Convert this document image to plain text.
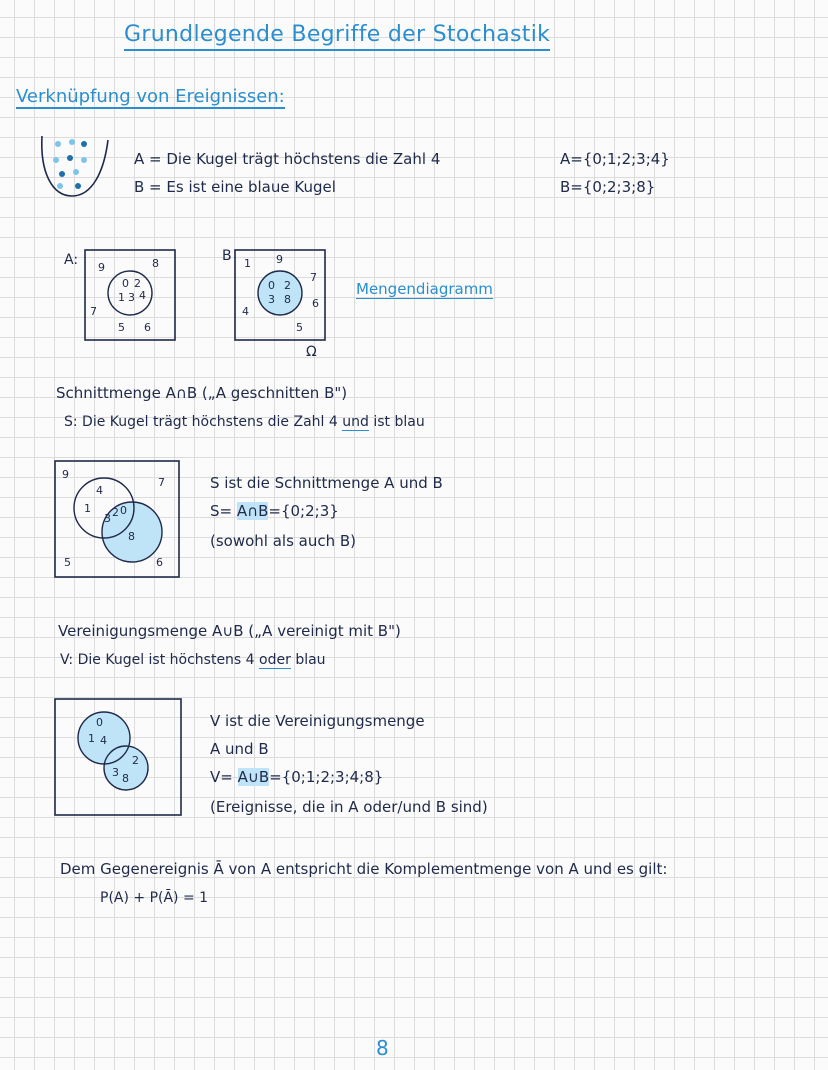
Grundlegende Begriffe der Stochastik
Verknüpfung von Ereignissen:
A = Die Kugel trägt höchstens die Zahl 4
B = Es ist eine blaue Kugel
A={0;1;2;3;4}
B={0;2;3;8}
A: 9	8
7
5 6
0 2
1 3 4
B 1 9
7
4
6
5
0 2
3 8
Ω
Mengendiagramm
Schnittmenge A∩B („A geschnitten B")
S: Die Kugel trägt höchstens die Zahl 4 und ist blau
9
7
4
1
3 2 0
8
5	6
S ist die Schnittmenge A und B
S= A∩B={0;2;3}
(sowohl als auch B)
Vereinigungsmenge A∪B („A vereinigt mit B")
V: Die Kugel ist höchstens 4 oder blau
0
1 4
2
3 8
V ist die Vereinigungsmenge
A und B
V= A∪B={0;1;2;3;4;8}
(Ereignisse, die in A oder/und B sind)
Dem Gegenereignis Ā von A entspricht die Komplementmenge von A und es gilt:
P(A) + P(Ā) = 1
8
